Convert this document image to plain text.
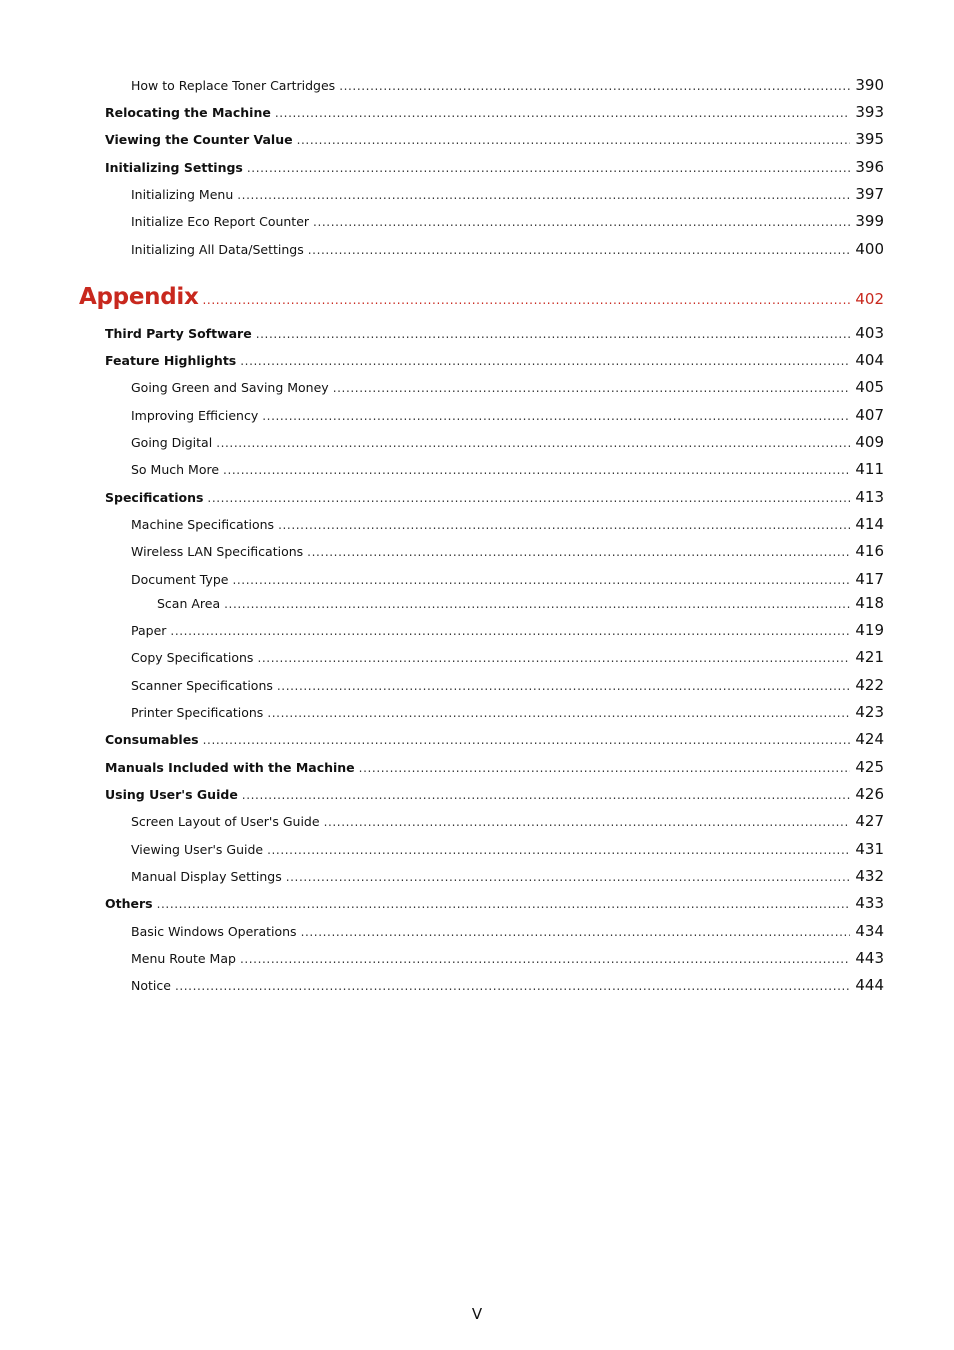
How to Replace Toner Cartridges .....	390
Relocating the Machine .....	393
Viewing the Counter Value .....	395
Initializing Settings .....	396
Initializing Menu .....	397
Initialize Eco Report Counter .....	399
Initializing All Data/Settings .....	400
Appendix .....	402
Third Party Software .....	403
Feature Highlights .....	404
Going Green and Saving Money .....	405
Improving Efficiency .....	407
Going Digital .....	409
So Much More .....	411
Specifications .....	413
Machine Specifications .....	414
Wireless LAN Specifications .....	416
Document Type .....	417
Scan Area .....	418
Paper .....	419
Copy Specifications .....	421
Scanner Specifications .....	422
Printer Specifications .....	423
Consumables .....	424
Manuals Included with the Machine .....	425
Using User's Guide .....	426
Screen Layout of User's Guide .....	427
Viewing User's Guide .....	431
Manual Display Settings .....	432
Others .....	433
Basic Windows Operations .....	434
Menu Route Map .....	443
Notice .....	444
V
